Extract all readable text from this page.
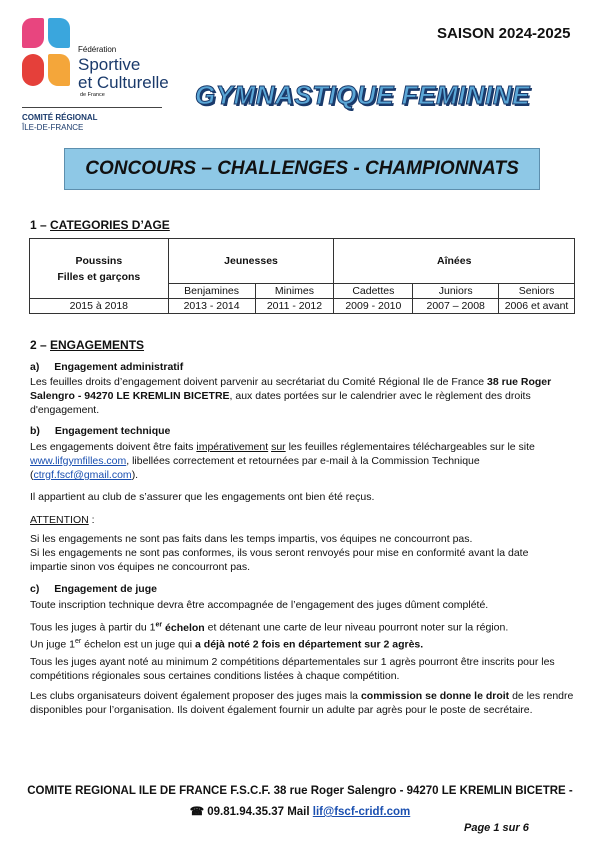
Fédération
Sportive
et Culturelle
de France
COMITÉ RÉGIONAL
ÎLE-DE-FRANCE
SAISON 2024-2025
GYMNASTIQUE FEMININE
CONCOURS – CHALLENGES - CHAMPIONNATS
1 – CATEGORIES D’AGE
Poussins
Filles et garçons	Jeunesses		Aînées		
	Benjamines	Minimes	Cadettes	Juniors	Seniors
2015 à 2018	2013 - 2014	2011 - 2012	2009 - 2010	2007 – 2008	2006 et avant
2 – ENGAGEMENTS
a) Engagement administratif
Les feuilles droits d’engagement doivent parvenir au secrétariat du Comité Régional Ile de France 38 rue Roger Salengro - 94270 LE KREMLIN BICETRE, aux dates portées sur le calendrier avec le règlement des droits d'engagement.
b) Engagement technique
Les engagements doivent être faits impérativement sur les feuilles réglementaires téléchargeables sur le site www.lifgymfilles.com, libellées correctement et retournées par e-mail à la Commission Technique (ctrgf.fscf@gmail.com).
Il appartient au club de s’assurer que les engagements ont bien été reçus.
ATTENTION :
Si les engagements ne sont pas faits dans les temps impartis, vos équipes ne concourront pas.
Si les engagements ne sont pas conformes, ils vous seront renvoyés pour mise en conformité avant la date impartie sinon vos équipes ne concourront pas.
c) Engagement de juge
Toute inscription technique devra être accompagnée de l’engagement des juges dûment complété.
Tous les juges à partir du 1er échelon et détenant une carte de leur niveau pourront noter sur la région.
Un juge 1er échelon est un juge qui a déjà noté 2 fois en département sur 2 agrès.
Tous les juges ayant noté au minimum 2 compétitions départementales sur 1 agrès pourront être inscrits pour les compétitions régionales sous certaines conditions listées à chaque compétition.
Les clubs organisateurs doivent également proposer des juges mais la commission se donne le droit de les rendre disponibles pour l’organisation. Ils doivent également fournir un adulte par agrès pour le poste de secrétaire.
COMITE REGIONAL ILE DE FRANCE F.S.C.F. 38 rue Roger Salengro - 94270 LE KREMLIN BICETRE -
☎ 09.81.94.35.37 Mail lif@fscf-cridf.com
Page 1 sur 6
